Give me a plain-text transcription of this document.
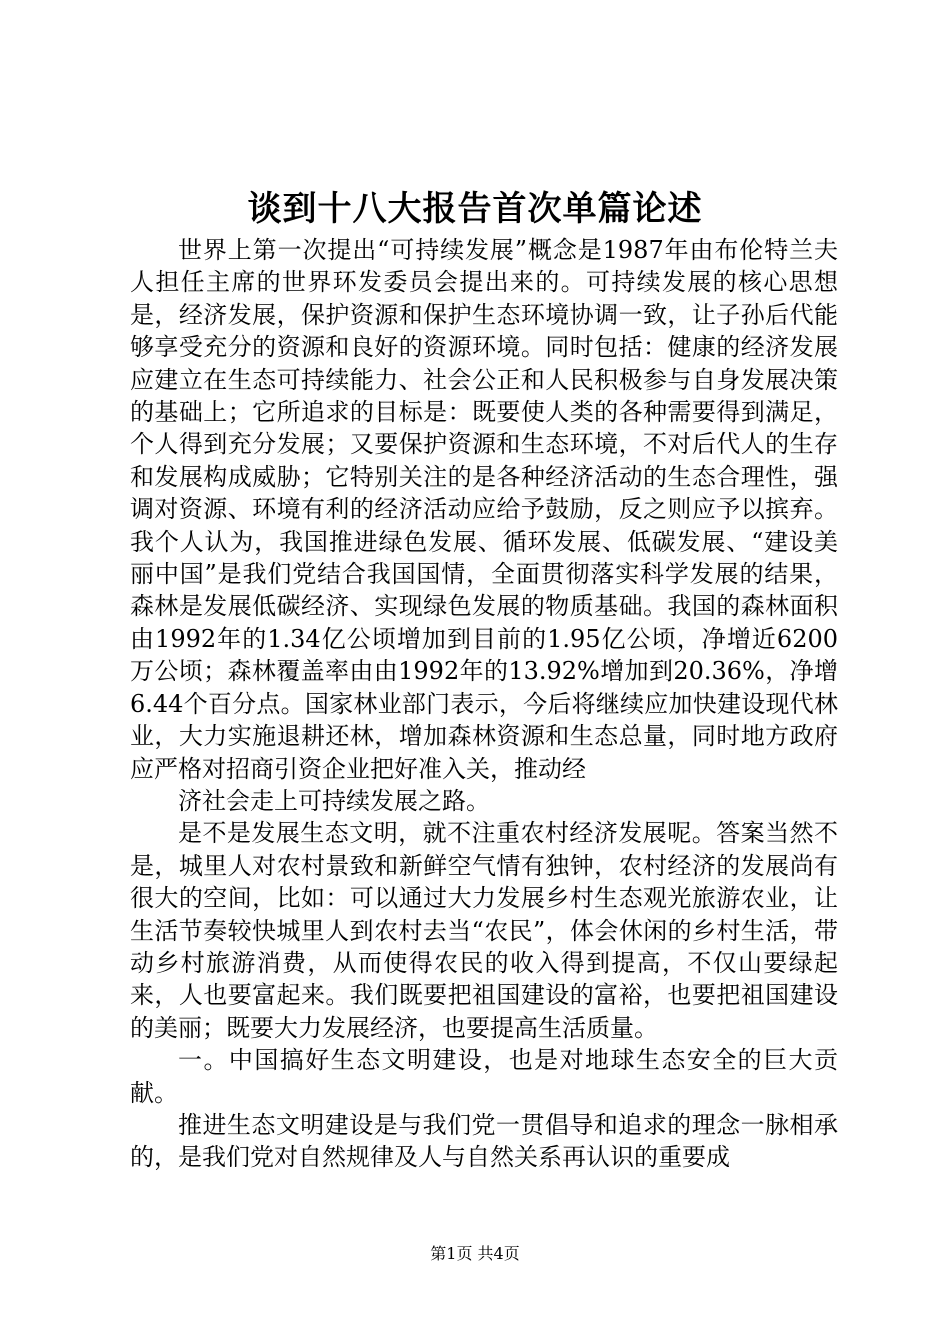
谈到十八大报告首次单篇论述

世界上第一次提出“可持续发展”概念是1987年由布伦特兰夫人担任主席的世界环发委员会提出来的。可持续发展的核心思想是，经济发展，保护资源和保护生态环境协调一致，让子孙后代能够享受充分的资源和良好的资源环境。同时包括：健康的经济发展应建立在生态可持续能力、社会公正和人民积极参与自身发展决策的基础上；它所追求的目标是：既要使人类的各种需要得到满足，个人得到充分发展；又要保护资源和生态环境，不对后代人的生存和发展构成威胁；它特别关注的是各种经济活动的生态合理性，强调对资源、环境有利的经济活动应给予鼓励，反之则应予以摈弃。我个人认为，我国推进绿色发展、循环发展、低碳发展、“建设美丽中国”是我们党结合我国国情，全面贯彻落实科学发展的结果，森林是发展低碳经济、实现绿色发展的物质基础。我国的森林面积由1992年的1.34亿公顷增加到目前的1.95亿公顷，净增近6200万公顷；森林覆盖率由由1992年的13.92%增加到20.36%，净增6.44个百分点。国家林业部门表示，今后将继续应加快建设现代林业，大力实施退耕还林，增加森林资源和生态总量，同时地方政府应严格对招商引资企业把好准入关，推动经

济社会走上可持续发展之路。

是不是发展生态文明，就不注重农村经济发展呢。答案当然不是，城里人对农村景致和新鲜空气情有独钟，农村经济的发展尚有很大的空间，比如：可以通过大力发展乡村生态观光旅游农业，让生活节奏较快城里人到农村去当“农民”，体会休闲的乡村生活，带动乡村旅游消费，从而使得农民的收入得到提高，不仅山要绿起来，人也要富起来。我们既要把祖国建设的富裕，也要把祖国建设的美丽；既要大力发展经济，也要提高生活质量。

一。中国搞好生态文明建设，也是对地球生态安全的巨大贡献。

推进生态文明建设是与我们党一贯倡导和追求的理念一脉相承的，是我们党对自然规律及人与自然关系再认识的重要成

第1页 共4页
